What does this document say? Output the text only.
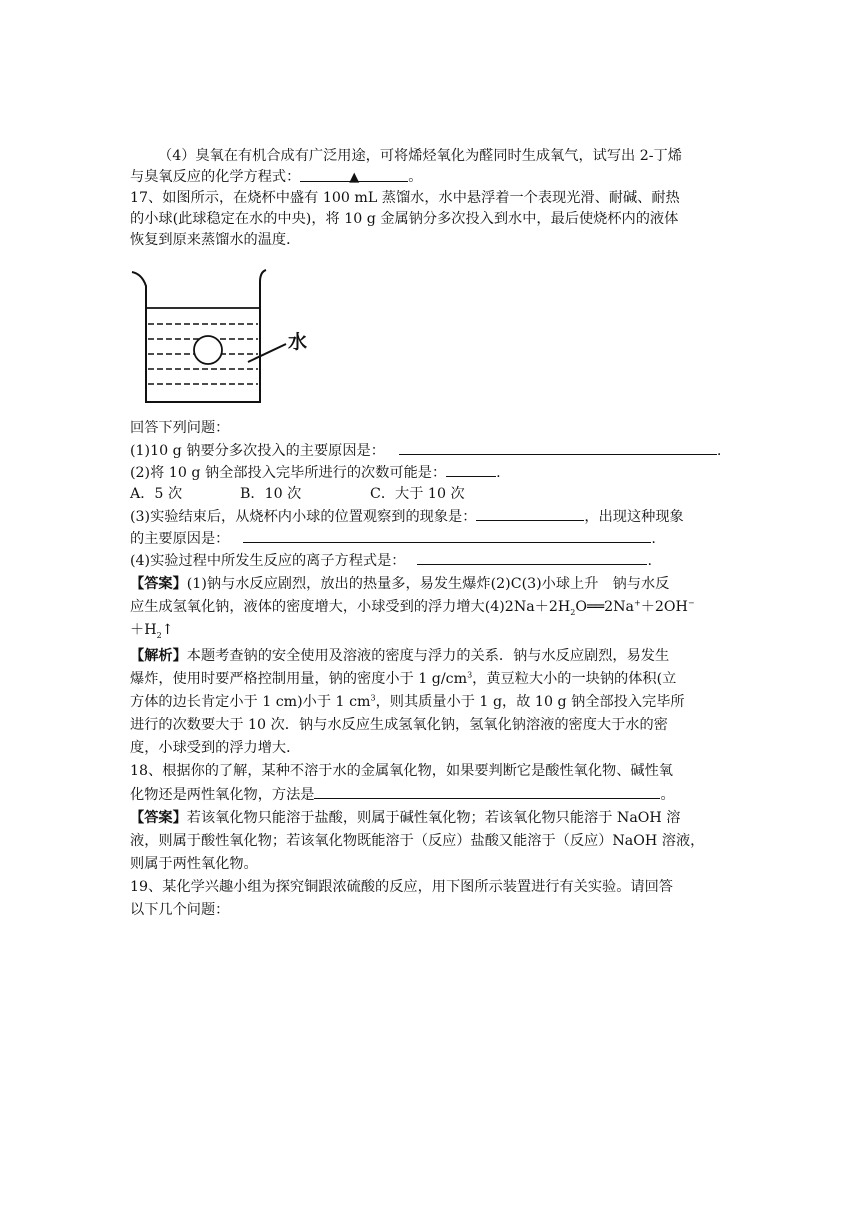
（4）臭氧在有机合成有广泛用途，可将烯烃氧化为醛同时生成氧气，试写出 2-丁烯
与臭氧反应的化学方程式：	▲	。
17、如图所示，在烧杯中盛有 100 mL 蒸馏水，水中悬浮着一个表现光滑、耐碱、耐热
的小球(此球稳定在水的中央)，将 10 g 金属钠分多次投入到水中，最后使烧杯内的液体
恢复到原来蒸馏水的温度．
水
回答下列问题：
(1)10 g 钠要分多次投入的主要原因是：	.
(2)将 10 g 钠全部投入完毕所进行的次数可能是：	.
A．5 次	B．10 次	C．大于 10 次
(3)实验结束后，从烧杯内小球的位置观察到的现象是：	，出现这种现象
的主要原因是：	.
(4)实验过程中所发生反应的离子方程式是：	.
【答案】(1)钠与水反应剧烈，放出的热量多，易发生爆炸(2)C(3)小球上升　钠与水反
应生成氢氧化钠，液体的密度增大，小球受到的浮力增大$(4)2Na+2H_2O══2Na^++2OH^-$
$+H_2↑$
【解析】本题考查钠的安全使用及溶液的密度与浮力的关系．钠与水反应剧烈，易发生
爆炸，使用时要严格控制用量，钠的密度小于 1 $g/cm^3$，黄豆粒大小的一块钠的体积(立
方体的边长肯定小于 1 cm)小于 1 $cm^3$，则其质量小于 1 g，故 10 g 钠全部投入完毕所
进行的次数要大于 10 次．钠与水反应生成氢氧化钠，氢氧化钠溶液的密度大于水的密
度，小球受到的浮力增大．
18、根据你的了解，某种不溶于水的金属氧化物，如果要判断它是酸性氧化物、碱性氧
化物还是两性氧化物，方法是	。
【答案】若该氧化物只能溶于盐酸，则属于碱性氧化物；若该氧化物只能溶于 NaOH 溶
液，则属于酸性氧化物；若该氧化物既能溶于（反应）盐酸又能溶于（反应）NaOH 溶液，
则属于两性氧化物。
19、某化学兴趣小组为探究铜跟浓硫酸的反应，用下图所示装置进行有关实验。请回答
以下几个问题：
